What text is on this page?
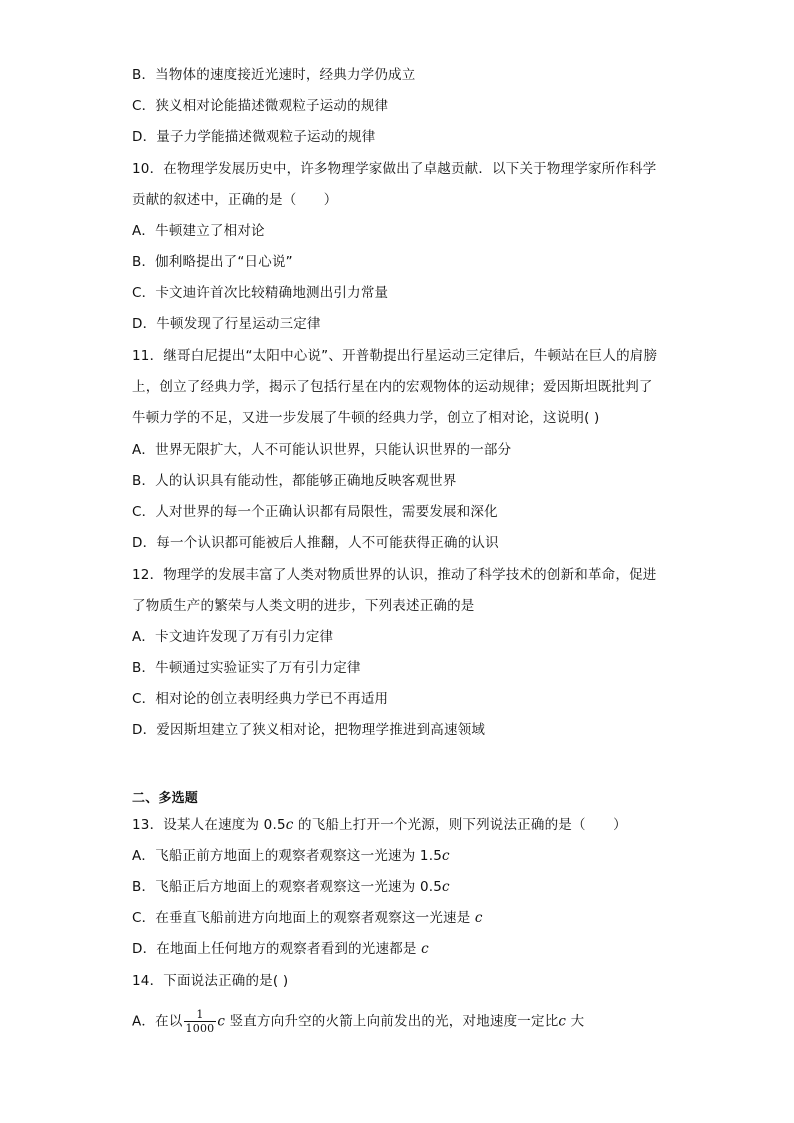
B．当物体的速度接近光速时，经典力学仍成立
C．狭义相对论能描述微观粒子运动的规律
D．量子力学能描述微观粒子运动的规律
10．在物理学发展历史中，许多物理学家做出了卓越贡献．以下关于物理学家所作科学
贡献的叙述中，正确的是（　　）
A．牛顿建立了相对论
B．伽利略提出了“日心说”
C．卡文迪许首次比较精确地测出引力常量
D．牛顿发现了行星运动三定律
11．继哥白尼提出“太阳中心说”、开普勒提出行星运动三定律后，牛顿站在巨人的肩膀
上，创立了经典力学，揭示了包括行星在内的宏观物体的运动规律；爱因斯坦既批判了
牛顿力学的不足，又进一步发展了牛顿的经典力学，创立了相对论，这说明( )
A．世界无限扩大，人不可能认识世界，只能认识世界的一部分
B．人的认识具有能动性，都能够正确地反映客观世界
C．人对世界的每一个正确认识都有局限性，需要发展和深化
D．每一个认识都可能被后人推翻，人不可能获得正确的认识
12．物理学的发展丰富了人类对物质世界的认识，推动了科学技术的创新和革命，促进
了物质生产的繁荣与人类文明的进步，下列表述正确的是
A．卡文迪许发现了万有引力定律
B．牛顿通过实验证实了万有引力定律
C．相对论的创立表明经典力学已不再适用
D．爱因斯坦建立了狭义相对论，把物理学推进到高速领域
二、多选题
13．设某人在速度为 0.5c 的飞船上打开一个光源，则下列说法正确的是（　　）
A．飞船正前方地面上的观察者观察这一光速为 1.5c
B．飞船正后方地面上的观察者观察这一光速为 0.5c
C．在垂直飞船前进方向地面上的观察者观察这一光速是 c
D．在地面上任何地方的观察者看到的光速都是 c
14．下面说法正确的是( )
A．在以 $\frac{1}{1000}$ c 竖直方向升空的火箭上向前发出的光，对地速度一定比c 大
